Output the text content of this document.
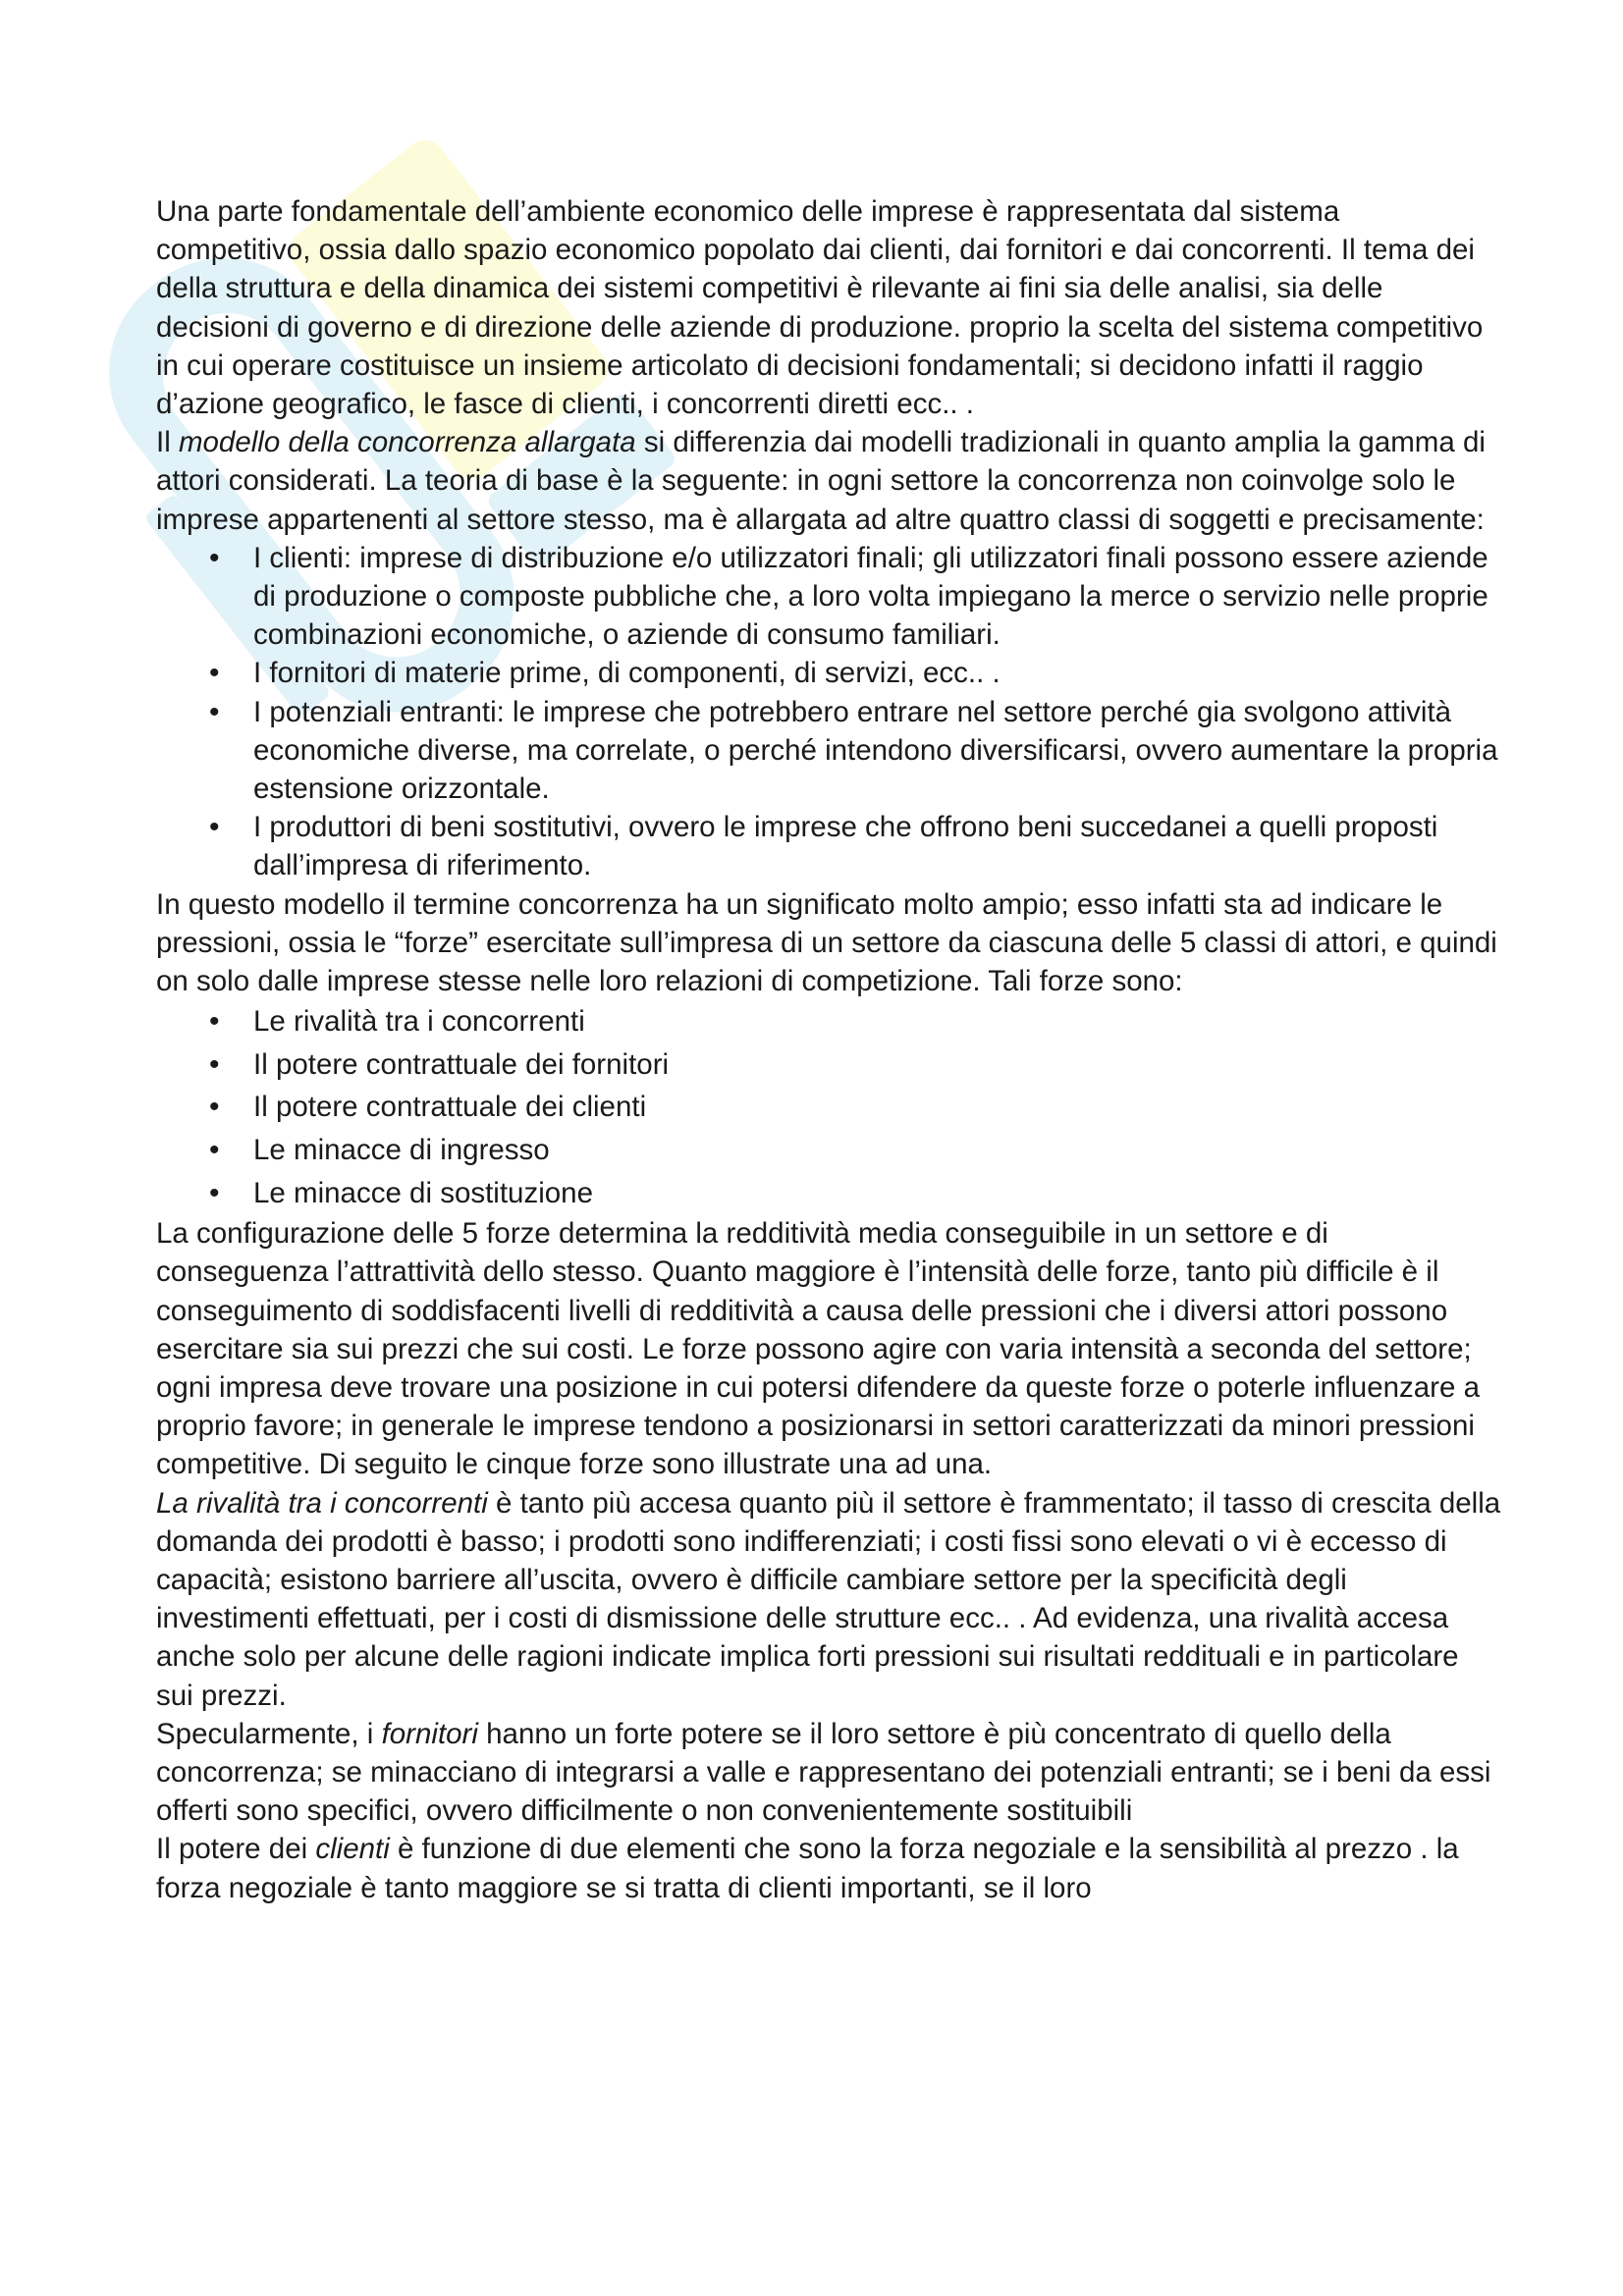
Una parte fondamentale dell’ambiente economico delle imprese è rappresentata dal sistema competitivo, ossia dallo spazio economico popolato dai clienti, dai fornitori e dai concorrenti. Il tema dei della struttura e della dinamica dei sistemi competitivi è rilevante ai fini sia delle analisi, sia delle decisioni di governo e di direzione delle aziende di produzione. proprio la scelta del sistema competitivo in cui operare costituisce un insieme articolato di decisioni fondamentali; si decidono infatti il raggio d’azione geografico, le fasce di clienti, i concorrenti diretti ecc.. .

Il modello della concorrenza allargata si differenzia dai modelli tradizionali in quanto amplia la gamma di attori considerati. La teoria di base è la seguente: in ogni settore la concorrenza non coinvolge solo le imprese appartenenti al settore stesso, ma è allargata ad altre quattro classi di soggetti e precisamente:

• I clienti: imprese di distribuzione e/o utilizzatori finali; gli utilizzatori finali possono essere aziende di produzione o composte pubbliche che, a loro volta impiegano la merce o servizio nelle proprie combinazioni economiche, o aziende di consumo familiari.
• I fornitori di materie prime, di componenti, di servizi, ecc.. .
• I potenziali entranti: le imprese che potrebbero entrare nel settore perché gia svolgono attività economiche diverse, ma correlate, o perché intendono diversificarsi, ovvero aumentare la propria estensione orizzontale.
• I produttori di beni sostitutivi, ovvero le imprese che offrono beni succedanei a quelli proposti dall’impresa di riferimento.

In questo modello il termine concorrenza ha un significato molto ampio; esso infatti sta ad indicare le pressioni, ossia le “forze” esercitate sull’impresa di un settore da ciascuna delle 5 classi di attori, e quindi on solo dalle imprese stesse nelle loro relazioni di competizione. Tali forze sono:

• Le rivalità tra i concorrenti
• Il potere contrattuale dei fornitori
• Il potere contrattuale dei clienti
• Le minacce di ingresso
• Le minacce di sostituzione

La configurazione delle 5 forze determina la redditività media conseguibile in un settore e di conseguenza l’attrattività dello stesso. Quanto maggiore è l’intensità delle forze, tanto più difficile è il conseguimento di soddisfacenti livelli di redditività a causa delle pressioni che i diversi attori possono esercitare sia sui prezzi che sui costi. Le forze possono agire con varia intensità a seconda del settore; ogni impresa deve trovare una posizione in cui potersi difendere da queste forze o poterle influenzare a proprio favore; in generale le imprese tendono a posizionarsi in settori caratterizzati da minori pressioni competitive. Di seguito le cinque forze sono illustrate una ad una.

La rivalità tra i concorrenti è tanto più accesa quanto più il settore è frammentato; il tasso di crescita della domanda dei prodotti è basso; i prodotti sono indifferenziati; i costi fissi sono elevati o vi è eccesso di capacità; esistono barriere all’uscita, ovvero è difficile cambiare settore per la specificità degli investimenti effettuati, per i costi di dismissione delle strutture ecc.. . Ad evidenza, una rivalità accesa anche solo per alcune delle ragioni indicate implica forti pressioni sui risultati reddituali e in particolare sui prezzi.

Specularmente, i fornitori hanno un forte potere se il loro settore è più concentrato di quello della concorrenza; se minacciano di integrarsi a valle e rappresentano dei potenziali entranti; se i beni da essi offerti sono specifici, ovvero difficilmente o non convenientemente sostituibili

Il potere dei clienti è funzione di due elementi che sono la forza negoziale e la sensibilità al prezzo . la forza negoziale è tanto maggiore se si tratta di clienti importanti, se il loro
